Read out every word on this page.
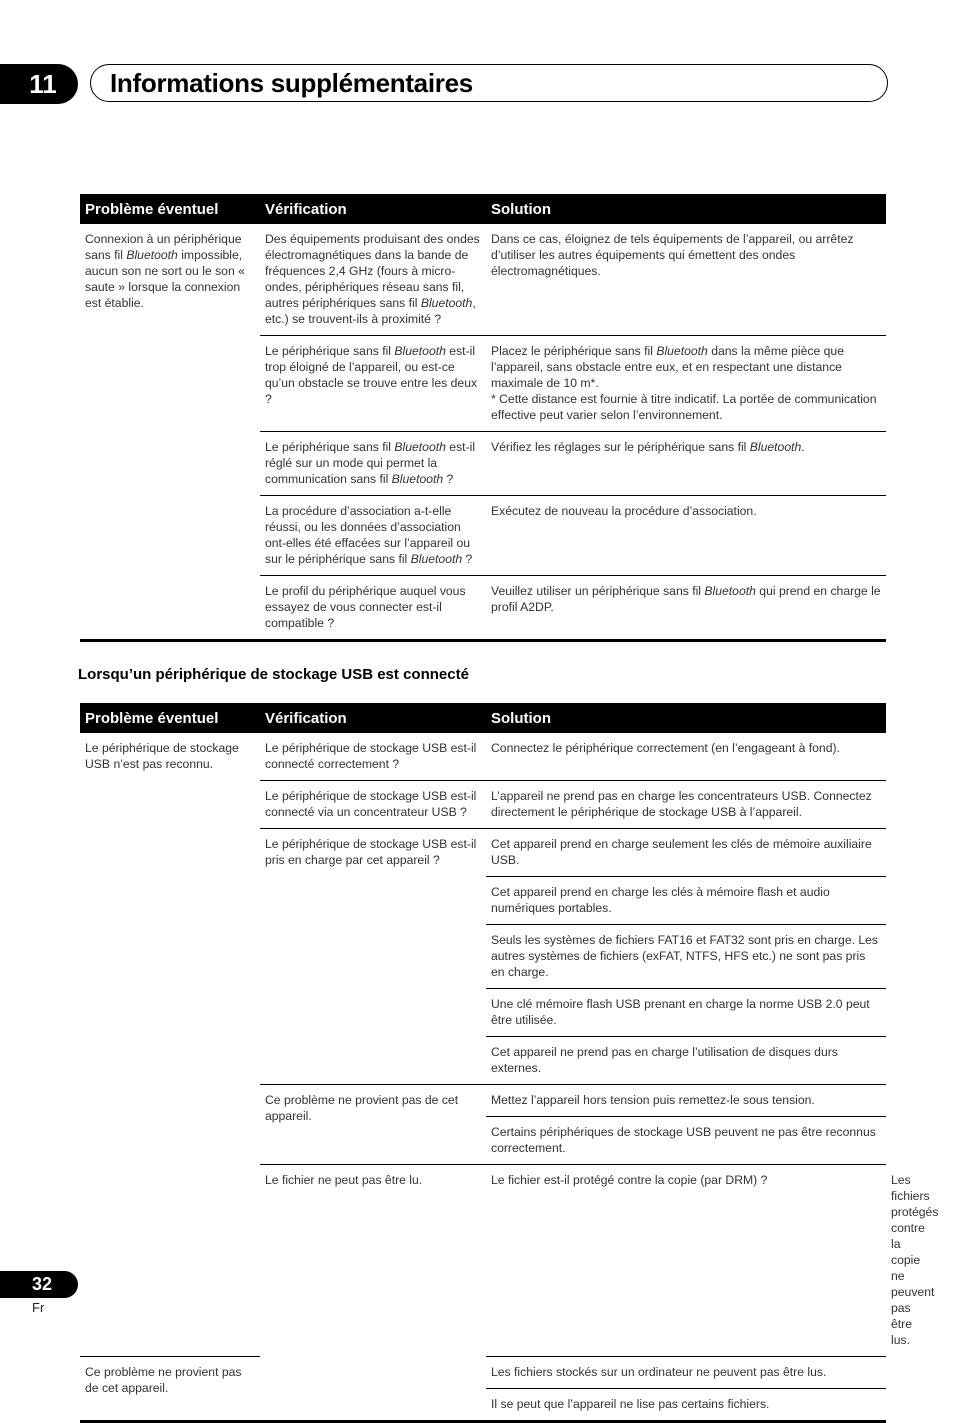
11	Informations supplémentaires
Problème éventuel	Vérification	Solution
Connexion à un périphérique sans fil Bluetooth impossible, aucun son ne sort ou le son « saute » lorsque la connexion est établie.	Des équipements produisant des ondes électromagnétiques dans la bande de fréquences 2,4 GHz (fours à micro-ondes, périphériques réseau sans fil, autres périphériques sans fil Bluetooth, etc.) se trouvent-ils à proximité ?	Dans ce cas, éloignez de tels équipements de l’appareil, ou arrêtez d’utiliser les autres équipements qui émettent des ondes électromagnétiques.
	Le périphérique sans fil Bluetooth est-il trop éloigné de l’appareil, ou est-ce qu’un obstacle se trouve entre les deux ?	Placez le périphérique sans fil Bluetooth dans la même pièce que l’appareil, sans obstacle entre eux, et en respectant une distance maximale de 10 m*.
* Cette distance est fournie à titre indicatif. La portée de communication effective peut varier selon l’environnement.
	Le périphérique sans fil Bluetooth est-il réglé sur un mode qui permet la communication sans fil Bluetooth ?	Vérifiez les réglages sur le périphérique sans fil Bluetooth.
	La procédure d’association a-t-elle réussi, ou les données d’association ont-elles été effacées sur l’appareil ou sur le périphérique sans fil Bluetooth ?	Exécutez de nouveau la procédure d’association.
	Le profil du périphérique auquel vous essayez de vous connecter est-il compatible ?	Veuillez utiliser un périphérique sans fil Bluetooth qui prend en charge le profil A2DP.
Lorsqu’un périphérique de stockage USB est connecté
Problème éventuel	Vérification	Solution	
Le périphérique de stockage USB n’est pas reconnu.	Le périphérique de stockage USB est-il connecté correctement ?	Connectez le périphérique correctement (en l’engageant à fond).	
	Le périphérique de stockage USB est-il connecté via un concentrateur USB ?	L’appareil ne prend pas en charge les concentrateurs USB. Connectez directement le périphérique de stockage USB à l’appareil.	
	Le périphérique de stockage USB est-il pris en charge par cet appareil ?	Cet appareil prend en charge seulement les clés de mémoire auxiliaire USB.	
		Cet appareil prend en charge les clés à mémoire flash et audio numériques portables.	
		Seuls les systèmes de fichiers FAT16 et FAT32 sont pris en charge. Les autres systèmes de fichiers (exFAT, NTFS, HFS etc.) ne sont pas pris en charge.	
		Une clé mémoire flash USB prenant en charge la norme USB 2.0 peut être utilisée.	
		Cet appareil ne prend pas en charge l’utilisation de disques durs externes.	
	Ce problème ne provient pas de cet appareil.	Mettez l’appareil hors tension puis remettez-le sous tension.	
		Certains périphériques de stockage USB peuvent ne pas être reconnus correctement.	
	Le fichier ne peut pas être lu.	Le fichier est-il protégé contre la copie (par DRM) ?	Les fichiers protégés contre la copie ne peuvent pas être lus.
Ce problème ne provient pas de cet appareil.		Les fichiers stockés sur un ordinateur ne peuvent pas être lus.	
		Il se peut que l’appareil ne lise pas certains fichiers.	
32
Fr
